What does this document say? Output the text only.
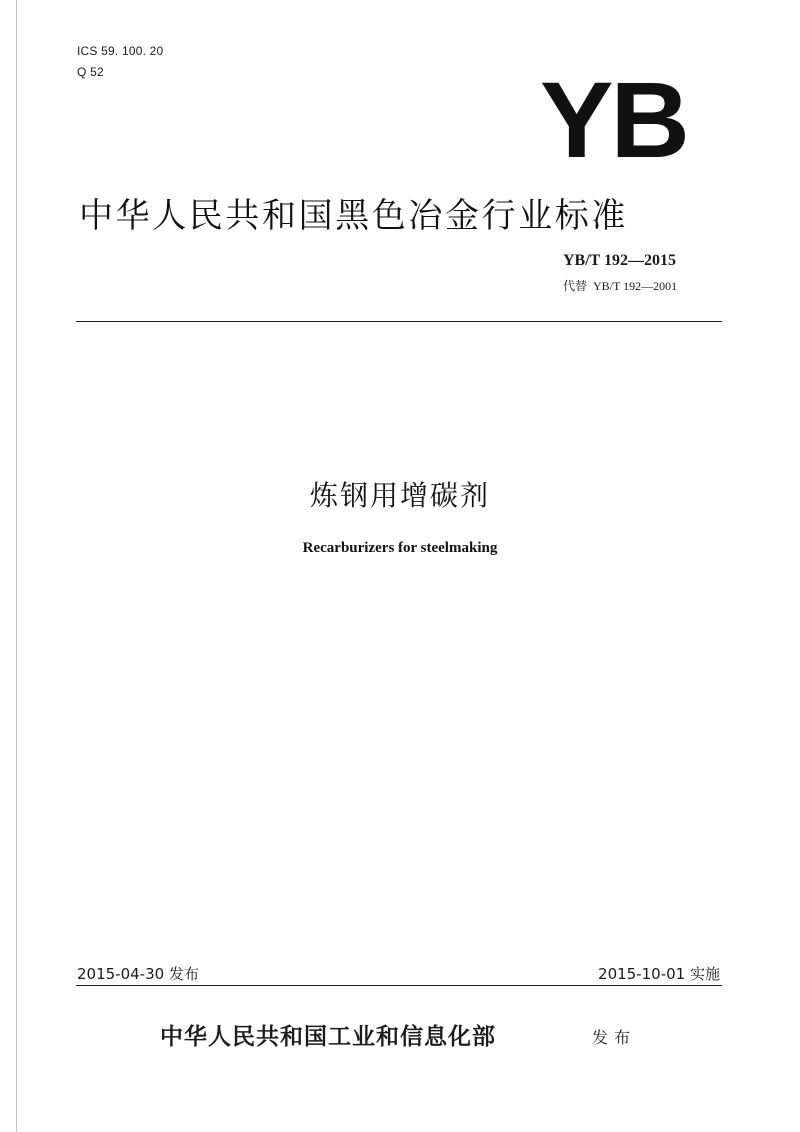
ICS 59. 100. 20
Q 52	YB
中华人民共和国黑色冶金行业标准
YB/T 192—2015
代替 YB/T 192—2001
炼钢用增碳剂
Recarburizers for steelmaking
2015-04-30 发布	2015-10-01 实施
中华人民共和国工业和信息化部	发布
